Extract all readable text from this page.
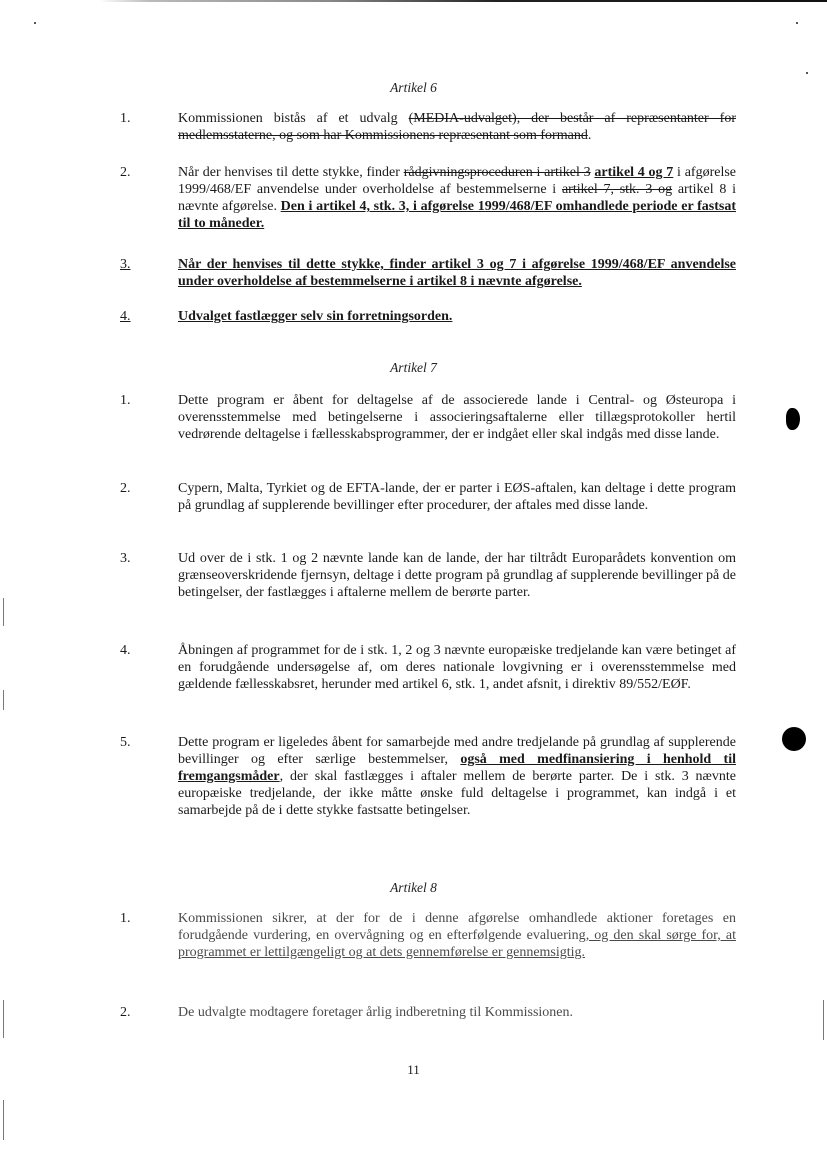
Artikel 6
1.	Kommissionen bistås af et udvalg (MEDIA-udvalget), der består af repræsentanter for medlemsstaterne, og som har Kommissionens repræsentant som formand.
2.	Når der henvises til dette stykke, finder rådgivningsproceduren i artikel 3 artikel 4 og 7 i afgørelse 1999/468/EF anvendelse under overholdelse af bestemmelserne i artikel 7, stk. 3 og artikel 8 i nævnte afgørelse. Den i artikel 4, stk. 3, i afgørelse 1999/468/EF omhandlede periode er fastsat til to måneder.
3.	Når der henvises til dette stykke, finder artikel 3 og 7 i afgørelse 1999/468/EF anvendelse under overholdelse af bestemmelserne i artikel 8 i nævnte afgørelse.
4.	Udvalget fastlægger selv sin forretningsorden.
Artikel 7
1.	Dette program er åbent for deltagelse af de associerede lande i Central- og Østeuropa i overensstemmelse med betingelserne i associeringsaftalerne eller tillægsprotokoller hertil vedrørende deltagelse i fællesskabsprogrammer, der er indgået eller skal indgås med disse lande.
2.	Cypern, Malta, Tyrkiet og de EFTA-lande, der er parter i EØS-aftalen, kan deltage i dette program på grundlag af supplerende bevillinger efter procedurer, der aftales med disse lande.
3.	Ud over de i stk. 1 og 2 nævnte lande kan de lande, der har tiltrådt Europarådets konvention om grænseoverskridende fjernsyn, deltage i dette program på grundlag af supplerende bevillinger på de betingelser, der fastlægges i aftalerne mellem de berørte parter.
4.	Åbningen af programmet for de i stk. 1, 2 og 3 nævnte europæiske tredjelande kan være betinget af en forudgående undersøgelse af, om deres nationale lovgivning er i overensstemmelse med gældende fællesskabsret, herunder med artikel 6, stk. 1, andet afsnit, i direktiv 89/552/EØF.
5.	Dette program er ligeledes åbent for samarbejde med andre tredjelande på grundlag af supplerende bevillinger og efter særlige bestemmelser, også med medfinansiering i henhold til fremgangsmåder, der skal fastlægges i aftaler mellem de berørte parter. De i stk. 3 nævnte europæiske tredjelande, der ikke måtte ønske fuld deltagelse i programmet, kan indgå i et samarbejde på de i dette stykke fastsatte betingelser.
Artikel 8
1.	Kommissionen sikrer, at der for de i denne afgørelse omhandlede aktioner foretages en forudgående vurdering, en overvågning og en efterfølgende evaluering, og den skal sørge for, at programmet er lettilgængeligt og at dets gennemførelse er gennemsigtig.
2.	De udvalgte modtagere foretager årlig indberetning til Kommissionen.
11
